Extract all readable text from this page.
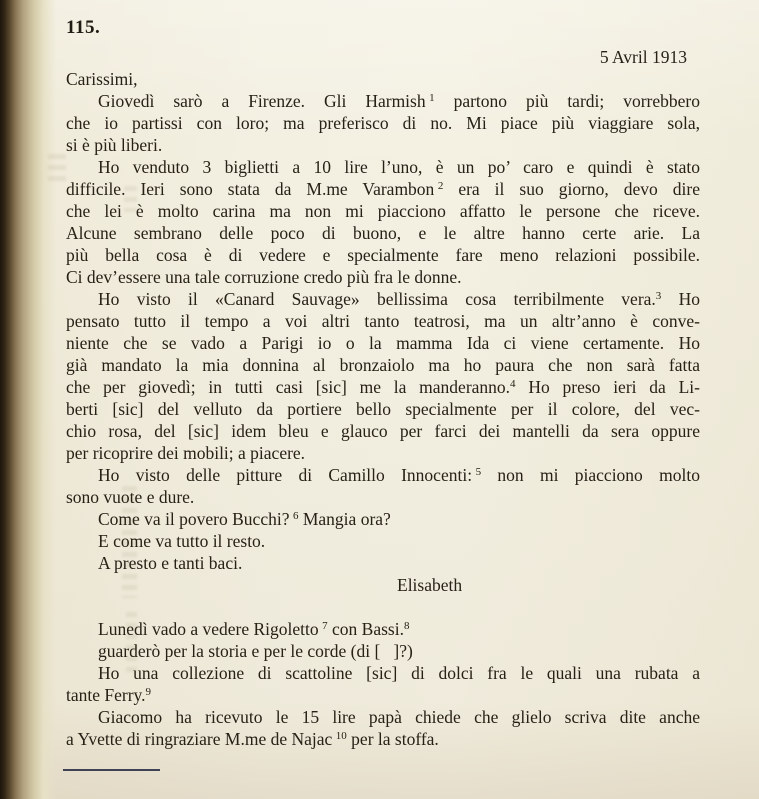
115.
5 Avril 1913
Carissimi,
Giovedì sarò a Firenze. Gli Harmish $^1$ partono più tardi; vorrebbero
che io partissi con loro; ma preferisco di no. Mi piace più viaggiare sola,
si è più liberi.
Ho venduto 3 biglietti a 10 lire l’uno, è un po’ caro e quindi è stato
difficile. Ieri sono stata da M.me Varambon $^2$ era il suo giorno, devo dire
che lei è molto carina ma non mi piacciono affatto le persone che riceve.
Alcune sembrano delle poco di buono, e le altre hanno certe arie. La
più bella cosa è di vedere e specialmente fare meno relazioni possibile.
Ci dev’essere una tale corruzione credo più fra le donne.
Ho visto il «Canard Sauvage» bellissima cosa terribilmente vera.$^3$ Ho
pensato tutto il tempo a voi altri tanto teatrosi, ma un altr’anno è conve-
niente che se vado a Parigi io o la mamma Ida ci viene certamente. Ho
già mandato la mia donnina al bronzaiolo ma ho paura che non sarà fatta
che per giovedì; in tutti casi [sic] me la manderanno.$^4$ Ho preso ieri da Li-
berti [sic] del velluto da portiere bello specialmente per il colore, del vec-
chio rosa, del [sic] idem bleu e glauco per farci dei mantelli da sera oppure
per ricoprire dei mobili; a piacere.
Ho visto delle pitture di Camillo Innocenti: $^5$ non mi piacciono molto
sono vuote e dure.
Come va il povero Bucchi? $^6$ Mangia ora?
E come va tutto il resto.
A presto e tanti baci.
Elisabeth
Lunedì vado a vedere Rigoletto $^7$ con Bassi.$^8$
guarderò per la storia e per le corde (di [   ]?)
Ho una collezione di scattoline [sic] di dolci fra le quali una rubata a
tante Ferry.$^9$
Giacomo ha ricevuto le 15 lire papà chiede che glielo scriva dite anche
a Yvette di ringraziare M.me de Najac $^{10}$ per la stoffa.
